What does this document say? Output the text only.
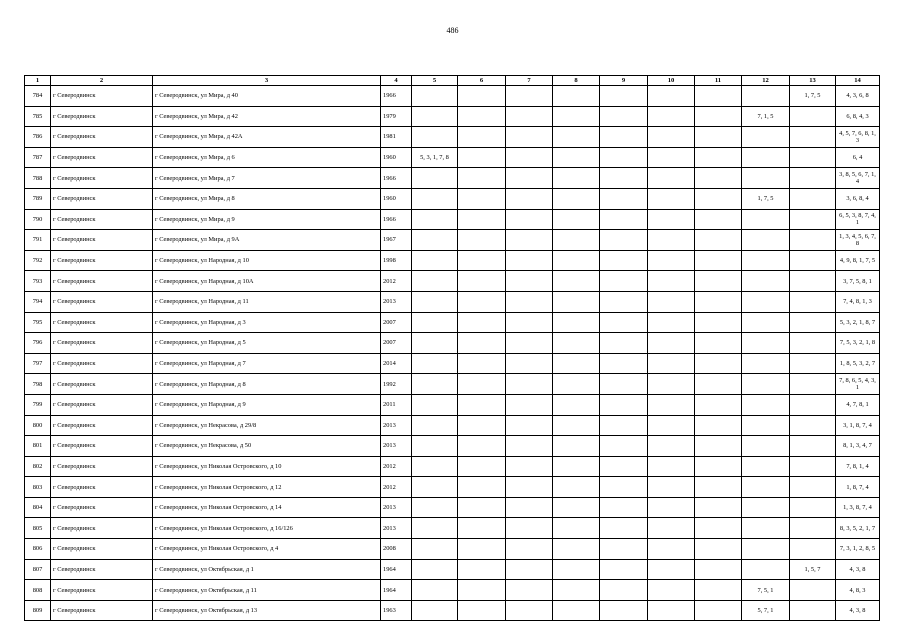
486
1	2	3	4	5	6	7	8	9	10	11	12	13	14
784	г Северодвинск	г Северодвинск, ул Мира, д 40	1966									1, 7, 5	4, 3, 6, 8
785	г Северодвинск	г Северодвинск, ул Мира, д 42	1979								7, 1, 5		6, 8, 4, 3
786	г Северодвинск	г Северодвинск, ул Мира, д 42А	1981										4, 5, 7, 6, 8, 1, 3
787	г Северодвинск	г Северодвинск, ул Мира, д 6	1960	5, 3, 1, 7, 8									6, 4
788	г Северодвинск	г Северодвинск, ул Мира, д 7	1966										3, 8, 5, 6, 7, 1, 4
789	г Северодвинск	г Северодвинск, ул Мира, д 8	1960								1, 7, 5		3, 6, 8, 4
790	г Северодвинск	г Северодвинск, ул Мира, д 9	1966										6, 5, 3, 8, 7, 4, 1
791	г Северодвинск	г Северодвинск, ул Мира, д 9А	1967										1, 3, 4, 5, 6, 7, 8
792	г Северодвинск	г Северодвинск, ул Народная, д 10	1998										4, 9, 8, 1, 7, 5
793	г Северодвинск	г Северодвинск, ул Народная, д 10А	2012										3, 7, 5, 8, 1
794	г Северодвинск	г Северодвинск, ул Народная, д 11	2013										7, 4, 8, 1, 3
795	г Северодвинск	г Северодвинск, ул Народная, д 3	2007										5, 3, 2, 1, 8, 7
796	г Северодвинск	г Северодвинск, ул Народная, д 5	2007										7, 5, 3, 2, 1, 8
797	г Северодвинск	г Северодвинск, ул Народная, д 7	2014										1, 8, 5, 3, 2, 7
798	г Северодвинск	г Северодвинск, ул Народная, д 8	1992										7, 8, 6, 5, 4, 3, 1
799	г Северодвинск	г Северодвинск, ул Народная, д 9	2011										4, 7, 8, 1
800	г Северодвинск	г Северодвинск, ул Некрасова, д 29/8	2013										3, 1, 8, 7, 4
801	г Северодвинск	г Северодвинск, ул Некрасова, д 50	2013										8, 1, 3, 4, 7
802	г Северодвинск	г Северодвинск, ул Николая Островского, д 10	2012										7, 8, 1, 4
803	г Северодвинск	г Северодвинск, ул Николая Островского, д 12	2012										1, 8, 7, 4
804	г Северодвинск	г Северодвинск, ул Николая Островского, д 14	2013										1, 3, 8, 7, 4
805	г Северодвинск	г Северодвинск, ул Николая Островского, д 16/126	2013										8, 3, 5, 2, 1, 7
806	г Северодвинск	г Северодвинск, ул Николая Островского, д 4	2008										7, 3, 1, 2, 8, 5
807	г Северодвинск	г Северодвинск, ул Октябрьская, д 1	1964									1, 5, 7	4, 3, 8
808	г Северодвинск	г Северодвинск, ул Октябрьская, д 11	1964								7, 5, 1		4, 8, 3
809	г Северодвинск	г Северодвинск, ул Октябрьская, д 13	1963								5, 7, 1		4, 3, 8
